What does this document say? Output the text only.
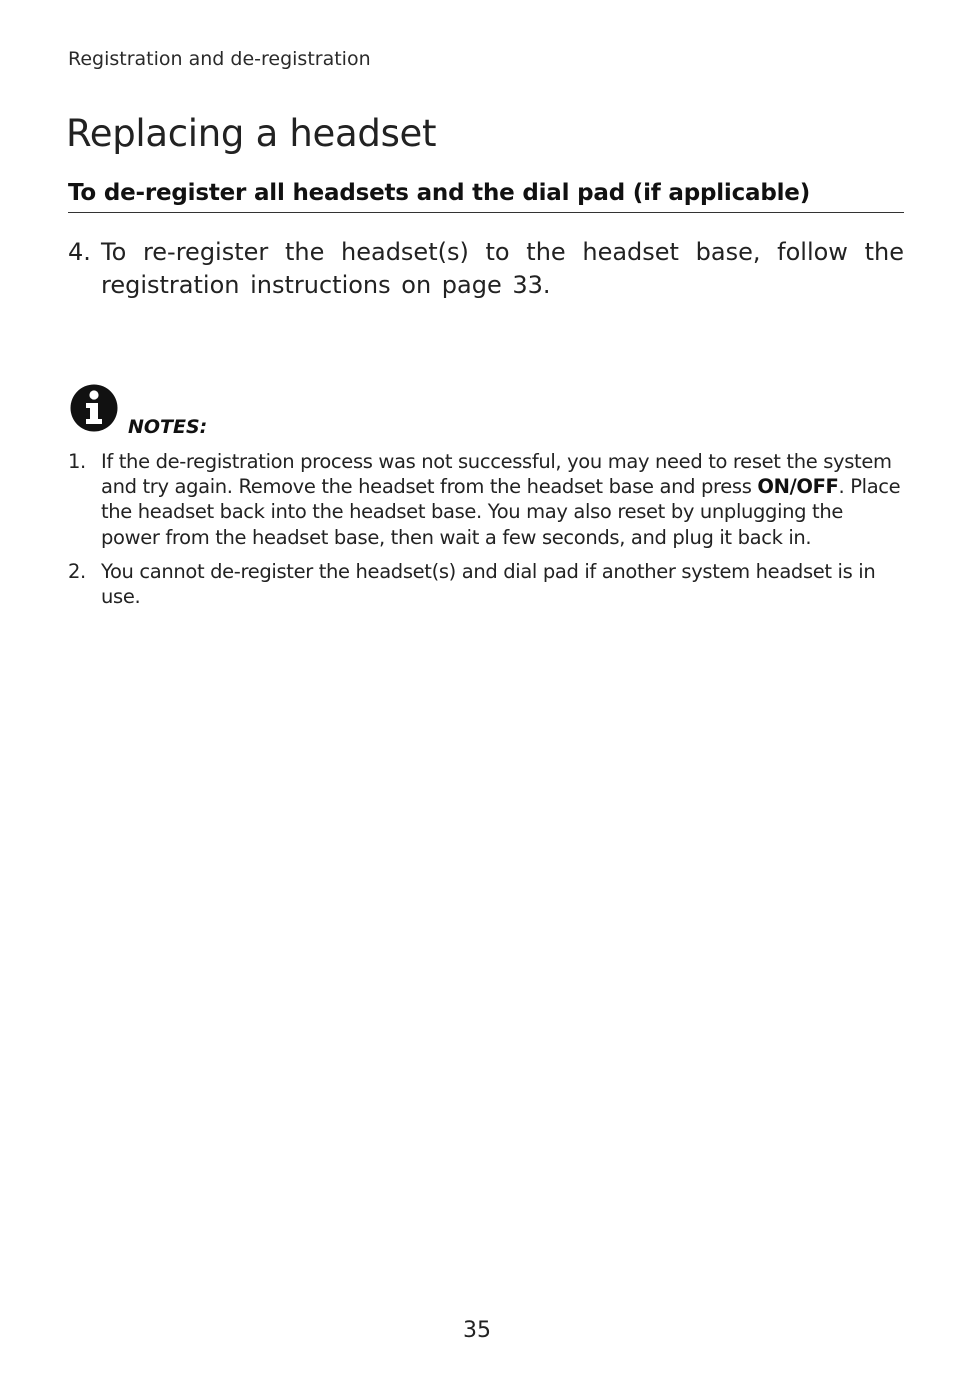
Registration and de-registration
Replacing a headset
To de-register all headsets and the dial pad (if applicable)
4. To re-register the headset(s) to the headset base, follow the registration instructions on page 33.
NOTES:
1. If the de-registration process was not successful, you may need to reset the system and try again. Remove the headset from the headset base and press ON/OFF. Place the headset back into the headset base. You may also reset by unplugging the power from the headset base, then wait a few seconds, and plug it back in.
2. You cannot de-register the headset(s) and dial pad if another system headset is in use.
35
